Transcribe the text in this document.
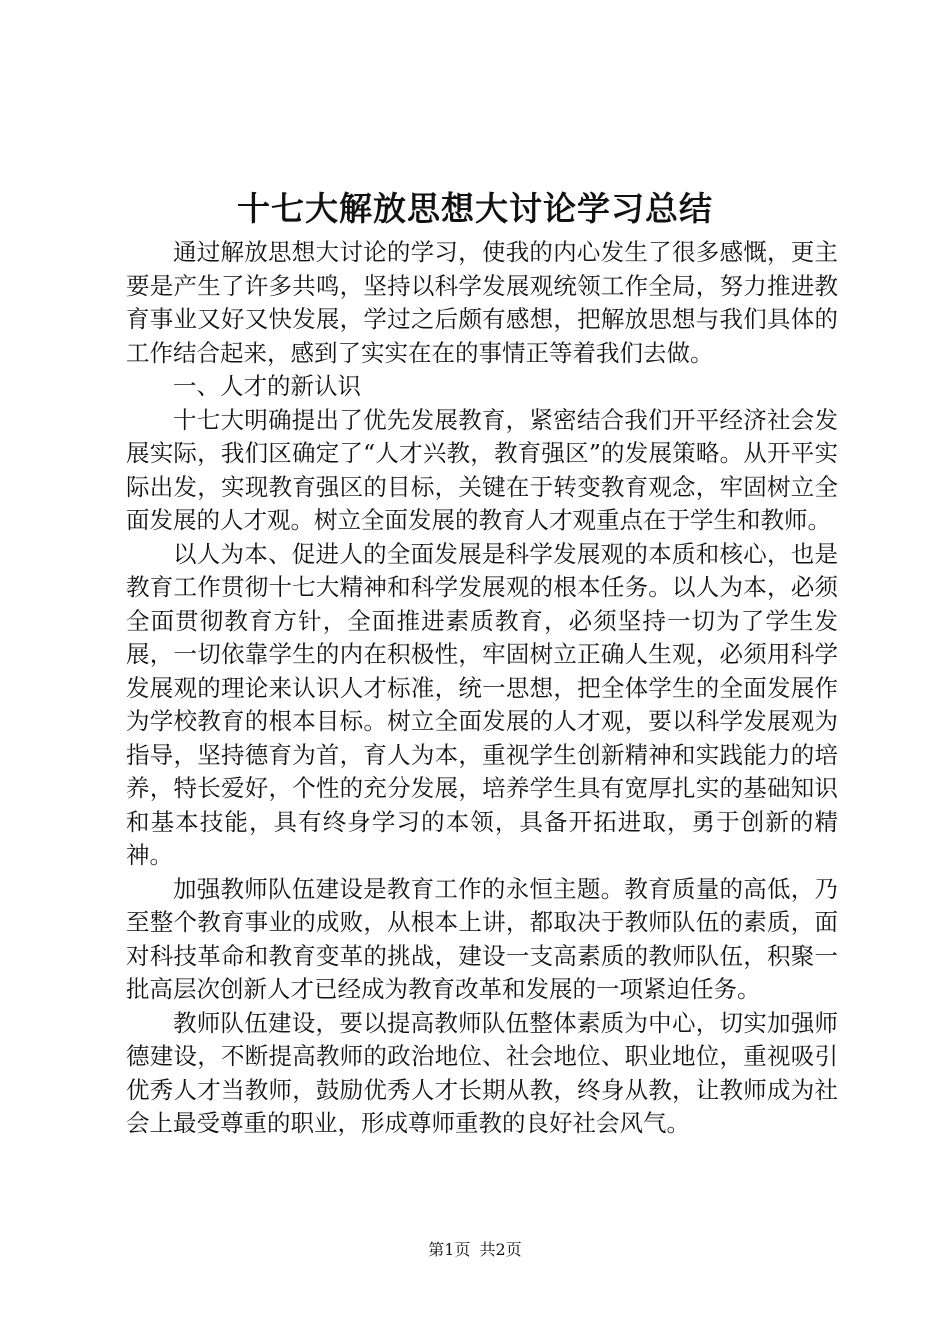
十七大解放思想大讨论学习总结

通过解放思想大讨论的学习，使我的内心发生了很多感慨，更主要是产生了许多共鸣，坚持以科学发展观统领工作全局，努力推进教育事业又好又快发展，学过之后颇有感想，把解放思想与我们具体的工作结合起来，感到了实实在在的事情正等着我们去做。

一、人才的新认识

十七大明确提出了优先发展教育，紧密结合我们开平经济社会发展实际，我们区确定了“人才兴教，教育强区”的发展策略。从开平实际出发，实现教育强区的目标，关键在于转变教育观念，牢固树立全面发展的人才观。树立全面发展的教育人才观重点在于学生和教师。

以人为本、促进人的全面发展是科学发展观的本质和核心，也是教育工作贯彻十七大精神和科学发展观的根本任务。以人为本，必须全面贯彻教育方针，全面推进素质教育，必须坚持一切为了学生发展，一切依靠学生的内在积极性，牢固树立正确人生观，必须用科学发展观的理论来认识人才标准，统一思想，把全体学生的全面发展作为学校教育的根本目标。树立全面发展的人才观，要以科学发展观为指导，坚持德育为首，育人为本，重视学生创新精神和实践能力的培养，特长爱好，个性的充分发展，培养学生具有宽厚扎实的基础知识和基本技能，具有终身学习的本领，具备开拓进取，勇于创新的精神。

加强教师队伍建设是教育工作的永恒主题。教育质量的高低，乃至整个教育事业的成败，从根本上讲，都取决于教师队伍的素质，面对科技革命和教育变革的挑战，建设一支高素质的教师队伍，积聚一批高层次创新人才已经成为教育改革和发展的一项紧迫任务。

教师队伍建设，要以提高教师队伍整体素质为中心，切实加强师德建设，不断提高教师的政治地位、社会地位、职业地位，重视吸引优秀人才当教师，鼓励优秀人才长期从教，终身从教，让教师成为社会上最受尊重的职业，形成尊师重教的良好社会风气。

第1页 共2页
